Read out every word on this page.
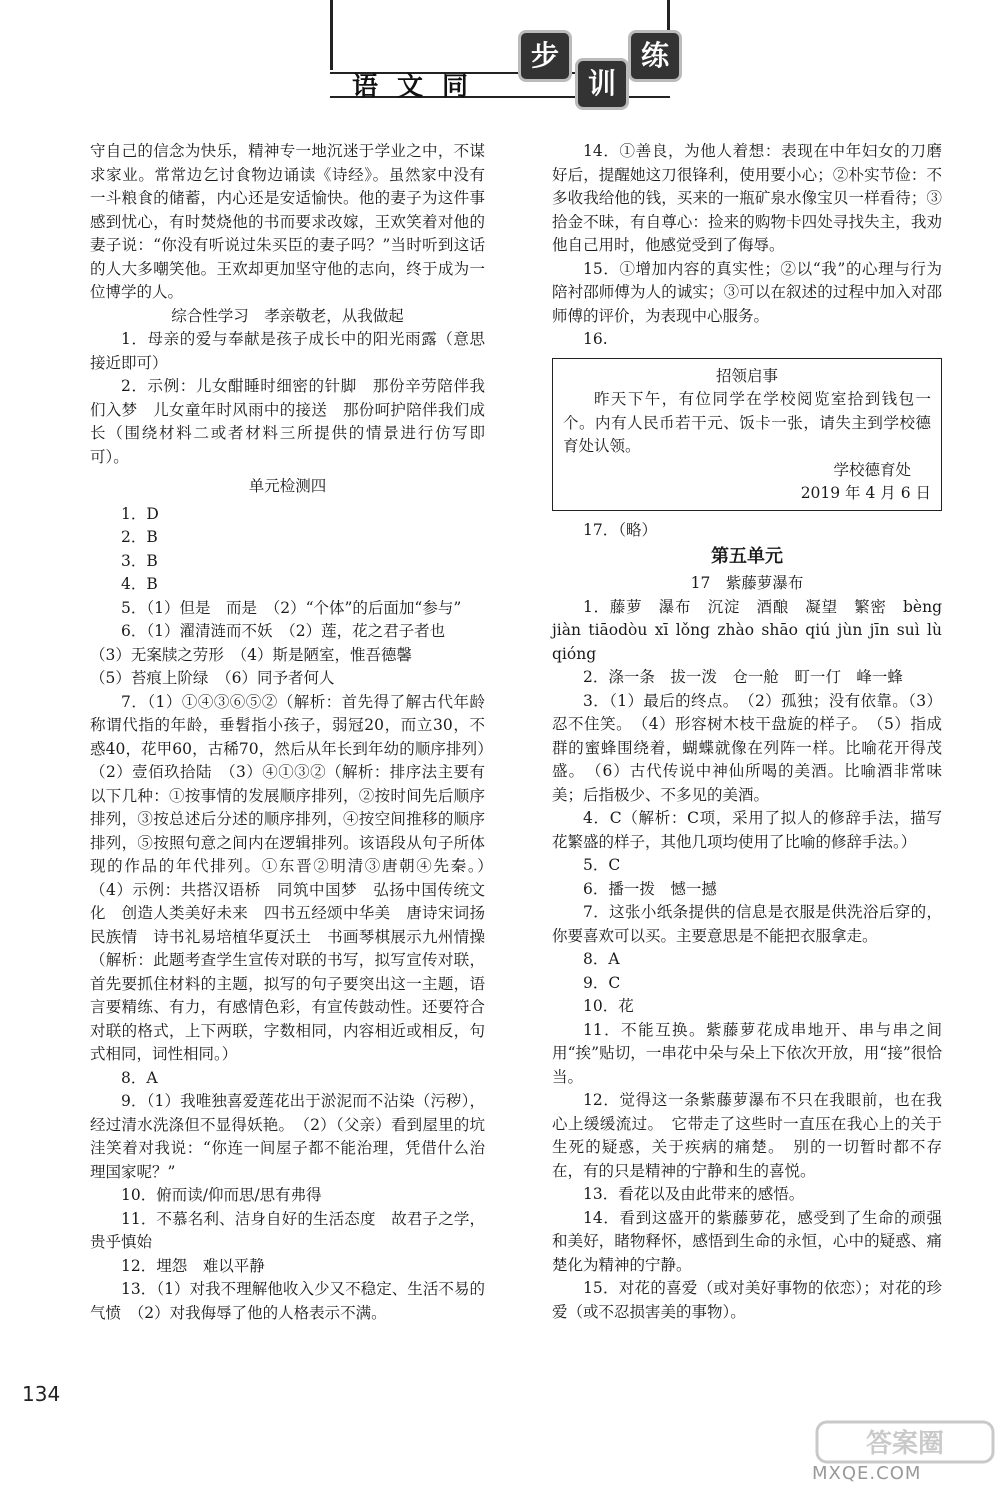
语 文 同
步
训
练

守自己的信念为快乐，精神专一地沉迷于学业之中，不谋求家业。常常边乞讨食物边诵读《诗经》。虽然家中没有一斗粮食的储蓄，内心还是安适愉快。他的妻子为这件事感到忧心，有时焚烧他的书而要求改嫁，王欢笑着对他的妻子说：“你没有听说过朱买臣的妻子吗？”当时听到这话的人大多嘲笑他。王欢却更加坚守他的志向，终于成为一位博学的人。

综合性学习　孝亲敬老，从我做起

1．母亲的爱与奉献是孩子成长中的阳光雨露（意思接近即可）

2．示例：儿女酣睡时细密的针脚　那份辛劳陪伴我们入梦　儿女童年时风雨中的接送　那份呵护陪伴我们成长（围绕材料二或者材料三所提供的情景进行仿写即可）。

单元检测四

1．D

2．B

3．B

4．B

5．（1）但是　而是　（2）“个体”的后面加“参与”

6．（1）濯清涟而不妖　（2）莲，花之君子者也

（3）无案牍之劳形　（4）斯是陋室，惟吾德馨

（5）苔痕上阶绿　（6）同予者何人

7．（1）①④③⑥⑤②（解析：首先得了解古代年龄称谓代指的年龄，垂髫指小孩子，弱冠20，而立30，不惑40，花甲60，古稀70，然后从年长到年幼的顺序排列）　（2）壹佰玖拾陆　（3）④①③②（解析：排序法主要有以下几种：①按事情的发展顺序排列，②按时间先后顺序排列，③按总述后分述的顺序排列，④按空间推移的顺序排列，⑤按照句意之间内在逻辑排列。该语段从句子所体现的作品的年代排列。①东晋②明清③唐朝④先秦。）　（4）示例：共搭汉语桥　同筑中国梦　弘扬中国传统文化　创造人类美好未来　四书五经颂中华美　唐诗宋词扬民族情　诗书礼易培植华夏沃土　书画琴棋展示九州情操（解析：此题考查学生宣传对联的书写，拟写宣传对联，首先要抓住材料的主题，拟写的句子要突出这一主题，语言要精练、有力，有感情色彩，有宣传鼓动性。还要符合对联的格式，上下两联，字数相同，内容相近或相反，句式相同，词性相同。）

8．A

9．（1）我唯独喜爱莲花出于淤泥而不沾染（污秽），经过清水洗涤但不显得妖艳。　（2）（父亲）看到屋里的坑洼笑着对我说：“你连一间屋子都不能治理，凭借什么治理国家呢？”

10．俯而读/仰而思/思有弗得

11．不慕名利、洁身自好的生活态度　故君子之学，贵乎慎始

12．埋怨　难以平静

13．（1）对我不理解他收入少又不稳定、生活不易的气愤　（2）对我侮辱了他的人格表示不满。

14．①善良，为他人着想：表现在中年妇女的刀磨好后，提醒她这刀很锋利，使用要小心；②朴实节俭：不多收我给他的钱，买来的一瓶矿泉水像宝贝一样看待；③拾金不昧，有自尊心：捡来的购物卡四处寻找失主，我劝他自己用时，他感觉受到了侮辱。

15．①增加内容的真实性；②以“我”的心理与行为陪衬邵师傅为人的诚实；③可以在叙述的过程中加入对邵师傅的评价，为表现中心服务。

16.

招领启事

昨天下午，有位同学在学校阅览室拾到钱包一个。内有人民币若干元、饭卡一张，请失主到学校德育处认领。

学校德育处

2019 年 4 月 6 日

17．（略）

第五单元

17　紫藤萝瀑布

1．藤萝　瀑布　沉淀　酒酿　凝望　繁密　bèng jiàn tiāodòu xī lǒng zhào shāo qiú jùn jīn suì lù qióng

2．涤一条　拔一泼　仓一舱　町一仃　峰一蜂

3．（1）最后的终点。　（2）孤独；没有依靠。（3）忍不住笑。　（4）形容树木枝干盘旋的样子。　（5）指成群的蜜蜂围绕着，蝴蝶就像在列阵一样。比喻花开得茂盛。　（6）古代传说中神仙所喝的美酒。比喻酒非常味美；后指极少、不多见的美酒。

4．C（解析：C项，采用了拟人的修辞手法，描写花繁盛的样子，其他几项均使用了比喻的修辞手法。）

5．C

6．播一拨　憾一撼

7．这张小纸条提供的信息是衣服是供洗浴后穿的，你要喜欢可以买。主要意思是不能把衣服拿走。

8．A

9．C

10．花

11．不能互换。紫藤萝花成串地开、串与串之间用“挨”贴切，一串花中朵与朵上下依次开放，用“接”很恰当。

12．觉得这一条紫藤萝瀑布不只在我眼前，也在我心上缓缓流过。　它带走了这些时一直压在我心上的关于生死的疑惑，关于疾病的痛楚。　别的一切暂时都不存在，有的只是精神的宁静和生的喜悦。

13．看花以及由此带来的感悟。

14．看到这盛开的紫藤萝花，感受到了生命的顽强和美好，睹物释怀，感悟到生命的永恒，心中的疑惑、痛楚化为精神的宁静。

15．对花的喜爱（或对美好事物的依恋）；对花的珍爱（或不忍损害美的事物）。

134
答案圈
MXQE.COM
